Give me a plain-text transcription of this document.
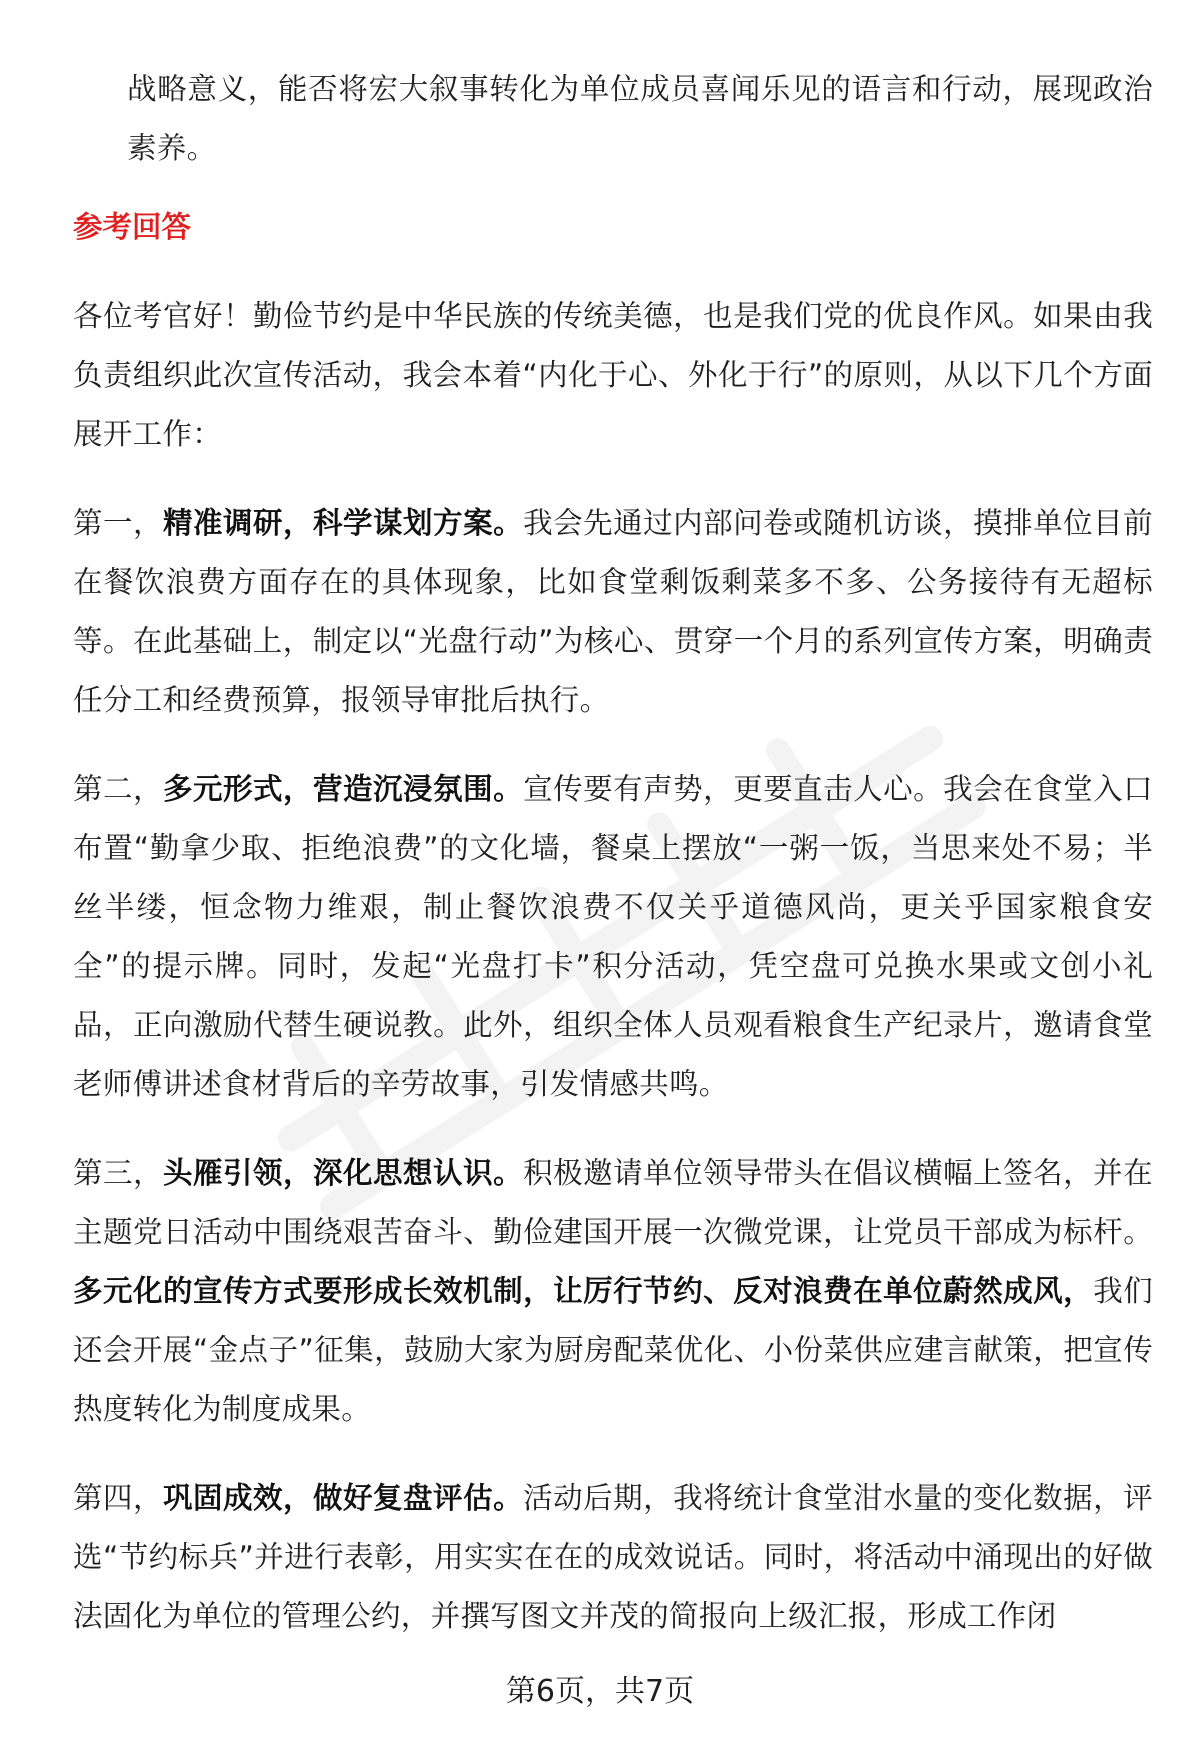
战略意义，能否将宏大叙事转化为单位成员喜闻乐见的语言和行动，展现政治素养。

参考回答

各位考官好！勤俭节约是中华民族的传统美德，也是我们党的优良作风。如果由我负责组织此次宣传活动，我会本着“内化于心、外化于行”的原则，从以下几个方面展开工作：

第一，精准调研，科学谋划方案。我会先通过内部问卷或随机访谈，摸排单位目前在餐饮浪费方面存在的具体现象，比如食堂剩饭剩菜多不多、公务接待有无超标等。在此基础上，制定以“光盘行动”为核心、贯穿一个月的系列宣传方案，明确责任分工和经费预算，报领导审批后执行。

第二，多元形式，营造沉浸氛围。宣传要有声势，更要直击人心。我会在食堂入口布置“勤拿少取、拒绝浪费”的文化墙，餐桌上摆放“一粥一饭，当思来处不易；半丝半缕，恒念物力维艰，制止餐饮浪费不仅关乎道德风尚，更关乎国家粮食安全”的提示牌。同时，发起“光盘打卡”积分活动，凭空盘可兑换水果或文创小礼品，正向激励代替生硬说教。此外，组织全体人员观看粮食生产纪录片，邀请食堂老师傅讲述食材背后的辛劳故事，引发情感共鸣。

第三，头雁引领，深化思想认识。积极邀请单位领导带头在倡议横幅上签名，并在主题党日活动中围绕艰苦奋斗、勤俭建国开展一次微党课，让党员干部成为标杆。多元化的宣传方式要形成长效机制，让厉行节约、反对浪费在单位蔚然成风，我们还会开展“金点子”征集，鼓励大家为厨房配菜优化、小份菜供应建言献策，把宣传热度转化为制度成果。

第四，巩固成效，做好复盘评估。活动后期，我将统计食堂泔水量的变化数据，评选“节约标兵”并进行表彰，用实实在在的成效说话。同时，将活动中涌现出的好做法固化为单位的管理公约，并撰写图文并茂的简报向上级汇报，形成工作闭

第6页，共7页
